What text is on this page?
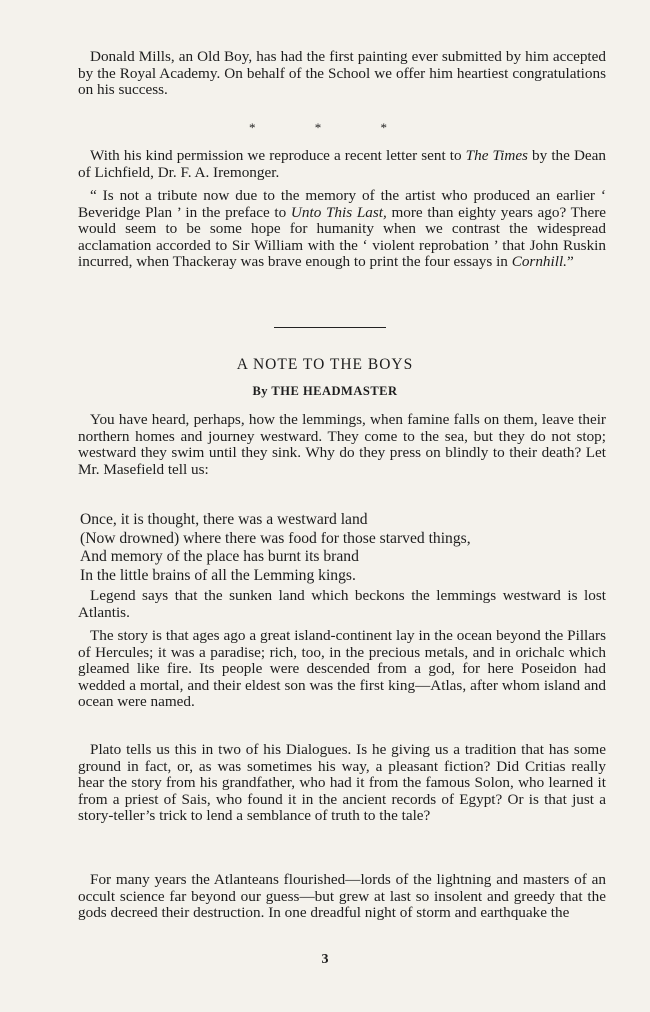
Donald Mills, an Old Boy, has had the first painting ever submitted by him accepted by the Royal Academy. On behalf of the School we offer him heartiest congratulations on his success.

* * *

With his kind permission we reproduce a recent letter sent to The Times by the Dean of Lichfield, Dr. F. A. Iremonger.

“ Is not a tribute now due to the memory of the artist who produced an earlier ‘ Beveridge Plan ’ in the preface to Unto This Last, more than eighty years ago? There would seem to be some hope for humanity when we contrast the widespread acclamation accorded to Sir William with the ‘ violent reprobation ’ that John Ruskin incurred, when Thackeray was brave enough to print the four essays in Cornhill.”

A NOTE TO THE BOYS
By THE HEADMASTER

You have heard, perhaps, how the lemmings, when famine falls on them, leave their northern homes and journey westward. They come to the sea, but they do not stop; westward they swim until they sink. Why do they press on blindly to their death? Let Mr. Masefield tell us:

Once, it is thought, there was a westward land
(Now drowned) where there was food for those starved things,
And memory of the place has burnt its brand
In the little brains of all the Lemming kings.

Legend says that the sunken land which beckons the lemmings westward is lost Atlantis.

The story is that ages ago a great island-continent lay in the ocean beyond the Pillars of Hercules; it was a paradise; rich, too, in the precious metals, and in orichalc which gleamed like fire. Its people were descended from a god, for here Poseidon had wedded a mortal, and their eldest son was the first king—Atlas, after whom island and ocean were named.

Plato tells us this in two of his Dialogues. Is he giving us a tradition that has some ground in fact, or, as was sometimes his way, a pleasant fiction? Did Critias really hear the story from his grandfather, who had it from the famous Solon, who learned it from a priest of Sais, who found it in the ancient records of Egypt? Or is that just a story-teller’s trick to lend a semblance of truth to the tale?

For many years the Atlanteans flourished—lords of the lightning and masters of an occult science far beyond our guess—but grew at last so insolent and greedy that the gods decreed their destruction. In one dreadful night of storm and earthquake the

3
